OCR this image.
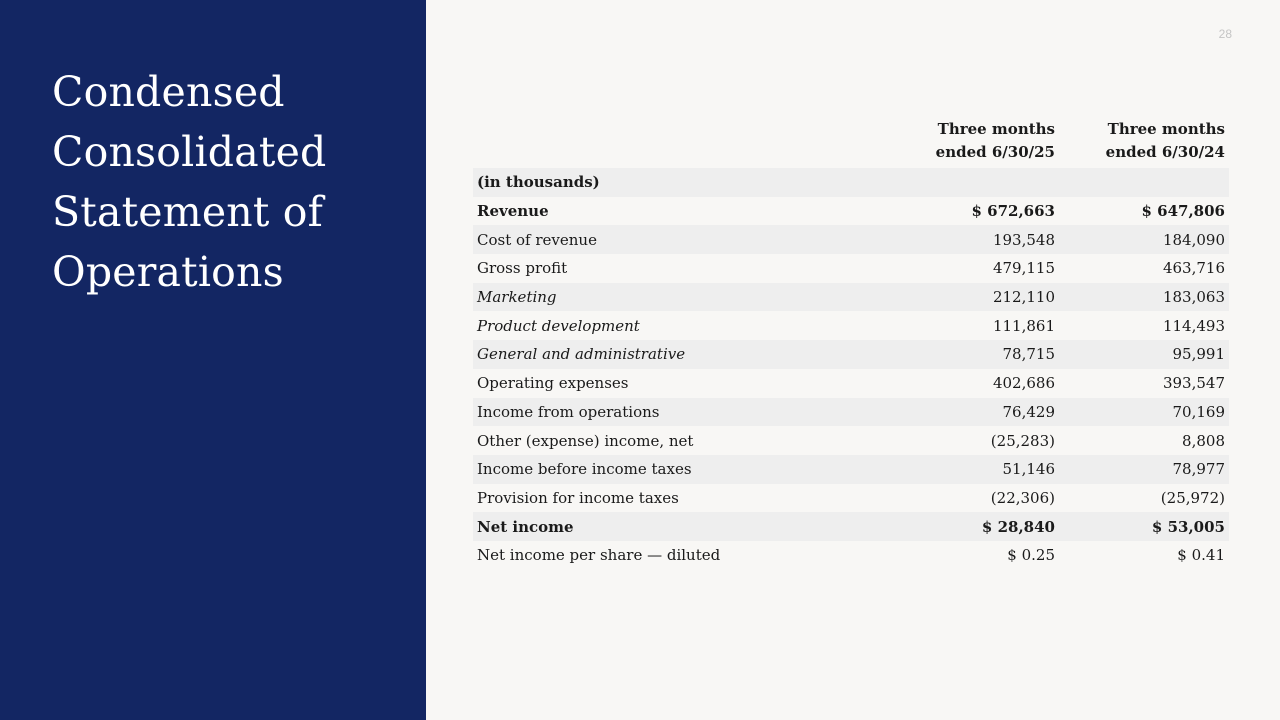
Condensed
Consolidated
Statement of
Operations
28

	Three months
ended 6/30/25	Three months
ended 6/30/24

(in thousands)		
Revenue	$ 672,663	$ 647,806
Cost of revenue	193,548	184,090
Gross profit	479,115	463,716
Marketing	212,110	183,063
Product development	111,861	114,493
General and administrative	78,715	95,991
Operating expenses	402,686	393,547
Income from operations	76,429	70,169
Other (expense) income, net	(25,283)	8,808
Income before income taxes	51,146	78,977
Provision for income taxes	(22,306)	(25,972)
Net income	$ 28,840	$ 53,005
Net income per share — diluted	$ 0.25	$ 0.41
